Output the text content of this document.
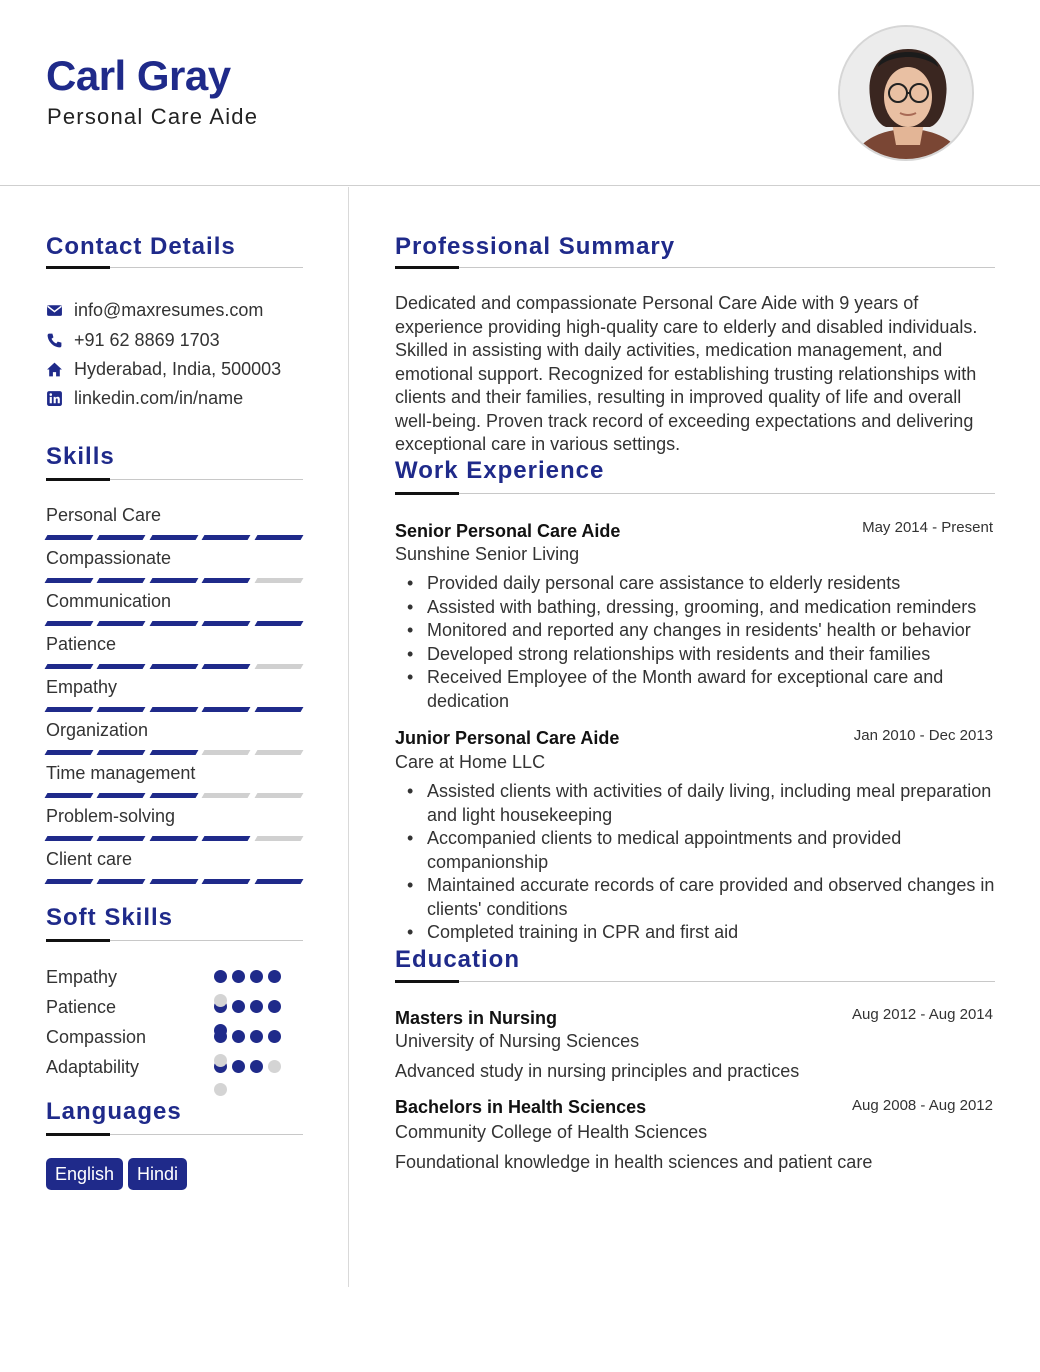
Carl Gray
Personal Care Aide
Contact Details
info@maxresumes.com
+91 62 8869 1703
Hyderabad, India, 500003
linkedin.com/in/name
Skills
Personal Care
Compassionate
Communication
Patience
Empathy
Organization
Time management
Problem-solving
Client care
Soft Skills
Empathy
Patience
Compassion
Adaptability
Languages
English	Hindi
Professional Summary
Dedicated and compassionate Personal Care Aide with 9 years of experience providing high-quality care to elderly and disabled individuals. Skilled in assisting with daily activities, medication management, and emotional support. Recognized for establishing trusting relationships with clients and their families, resulting in improved quality of life and overall well-being. Proven track record of exceeding expectations and delivering exceptional care in various settings.
Work Experience
Senior Personal Care Aide	May 2014 - Present
Sunshine Senior Living
• Provided daily personal care assistance to elderly residents
• Assisted with bathing, dressing, grooming, and medication reminders
• Monitored and reported any changes in residents' health or behavior
• Developed strong relationships with residents and their families
• Received Employee of the Month award for exceptional care and dedication
Junior Personal Care Aide	Jan 2010 - Dec 2013
Care at Home LLC
• Assisted clients with activities of daily living, including meal preparation and light housekeeping
• Accompanied clients to medical appointments and provided companionship
• Maintained accurate records of care provided and observed changes in clients' conditions
• Completed training in CPR and first aid
Education
Masters in Nursing	Aug 2012 - Aug 2014
University of Nursing Sciences
Advanced study in nursing principles and practices
Bachelors in Health Sciences	Aug 2008 - Aug 2012
Community College of Health Sciences
Foundational knowledge in health sciences and patient care
